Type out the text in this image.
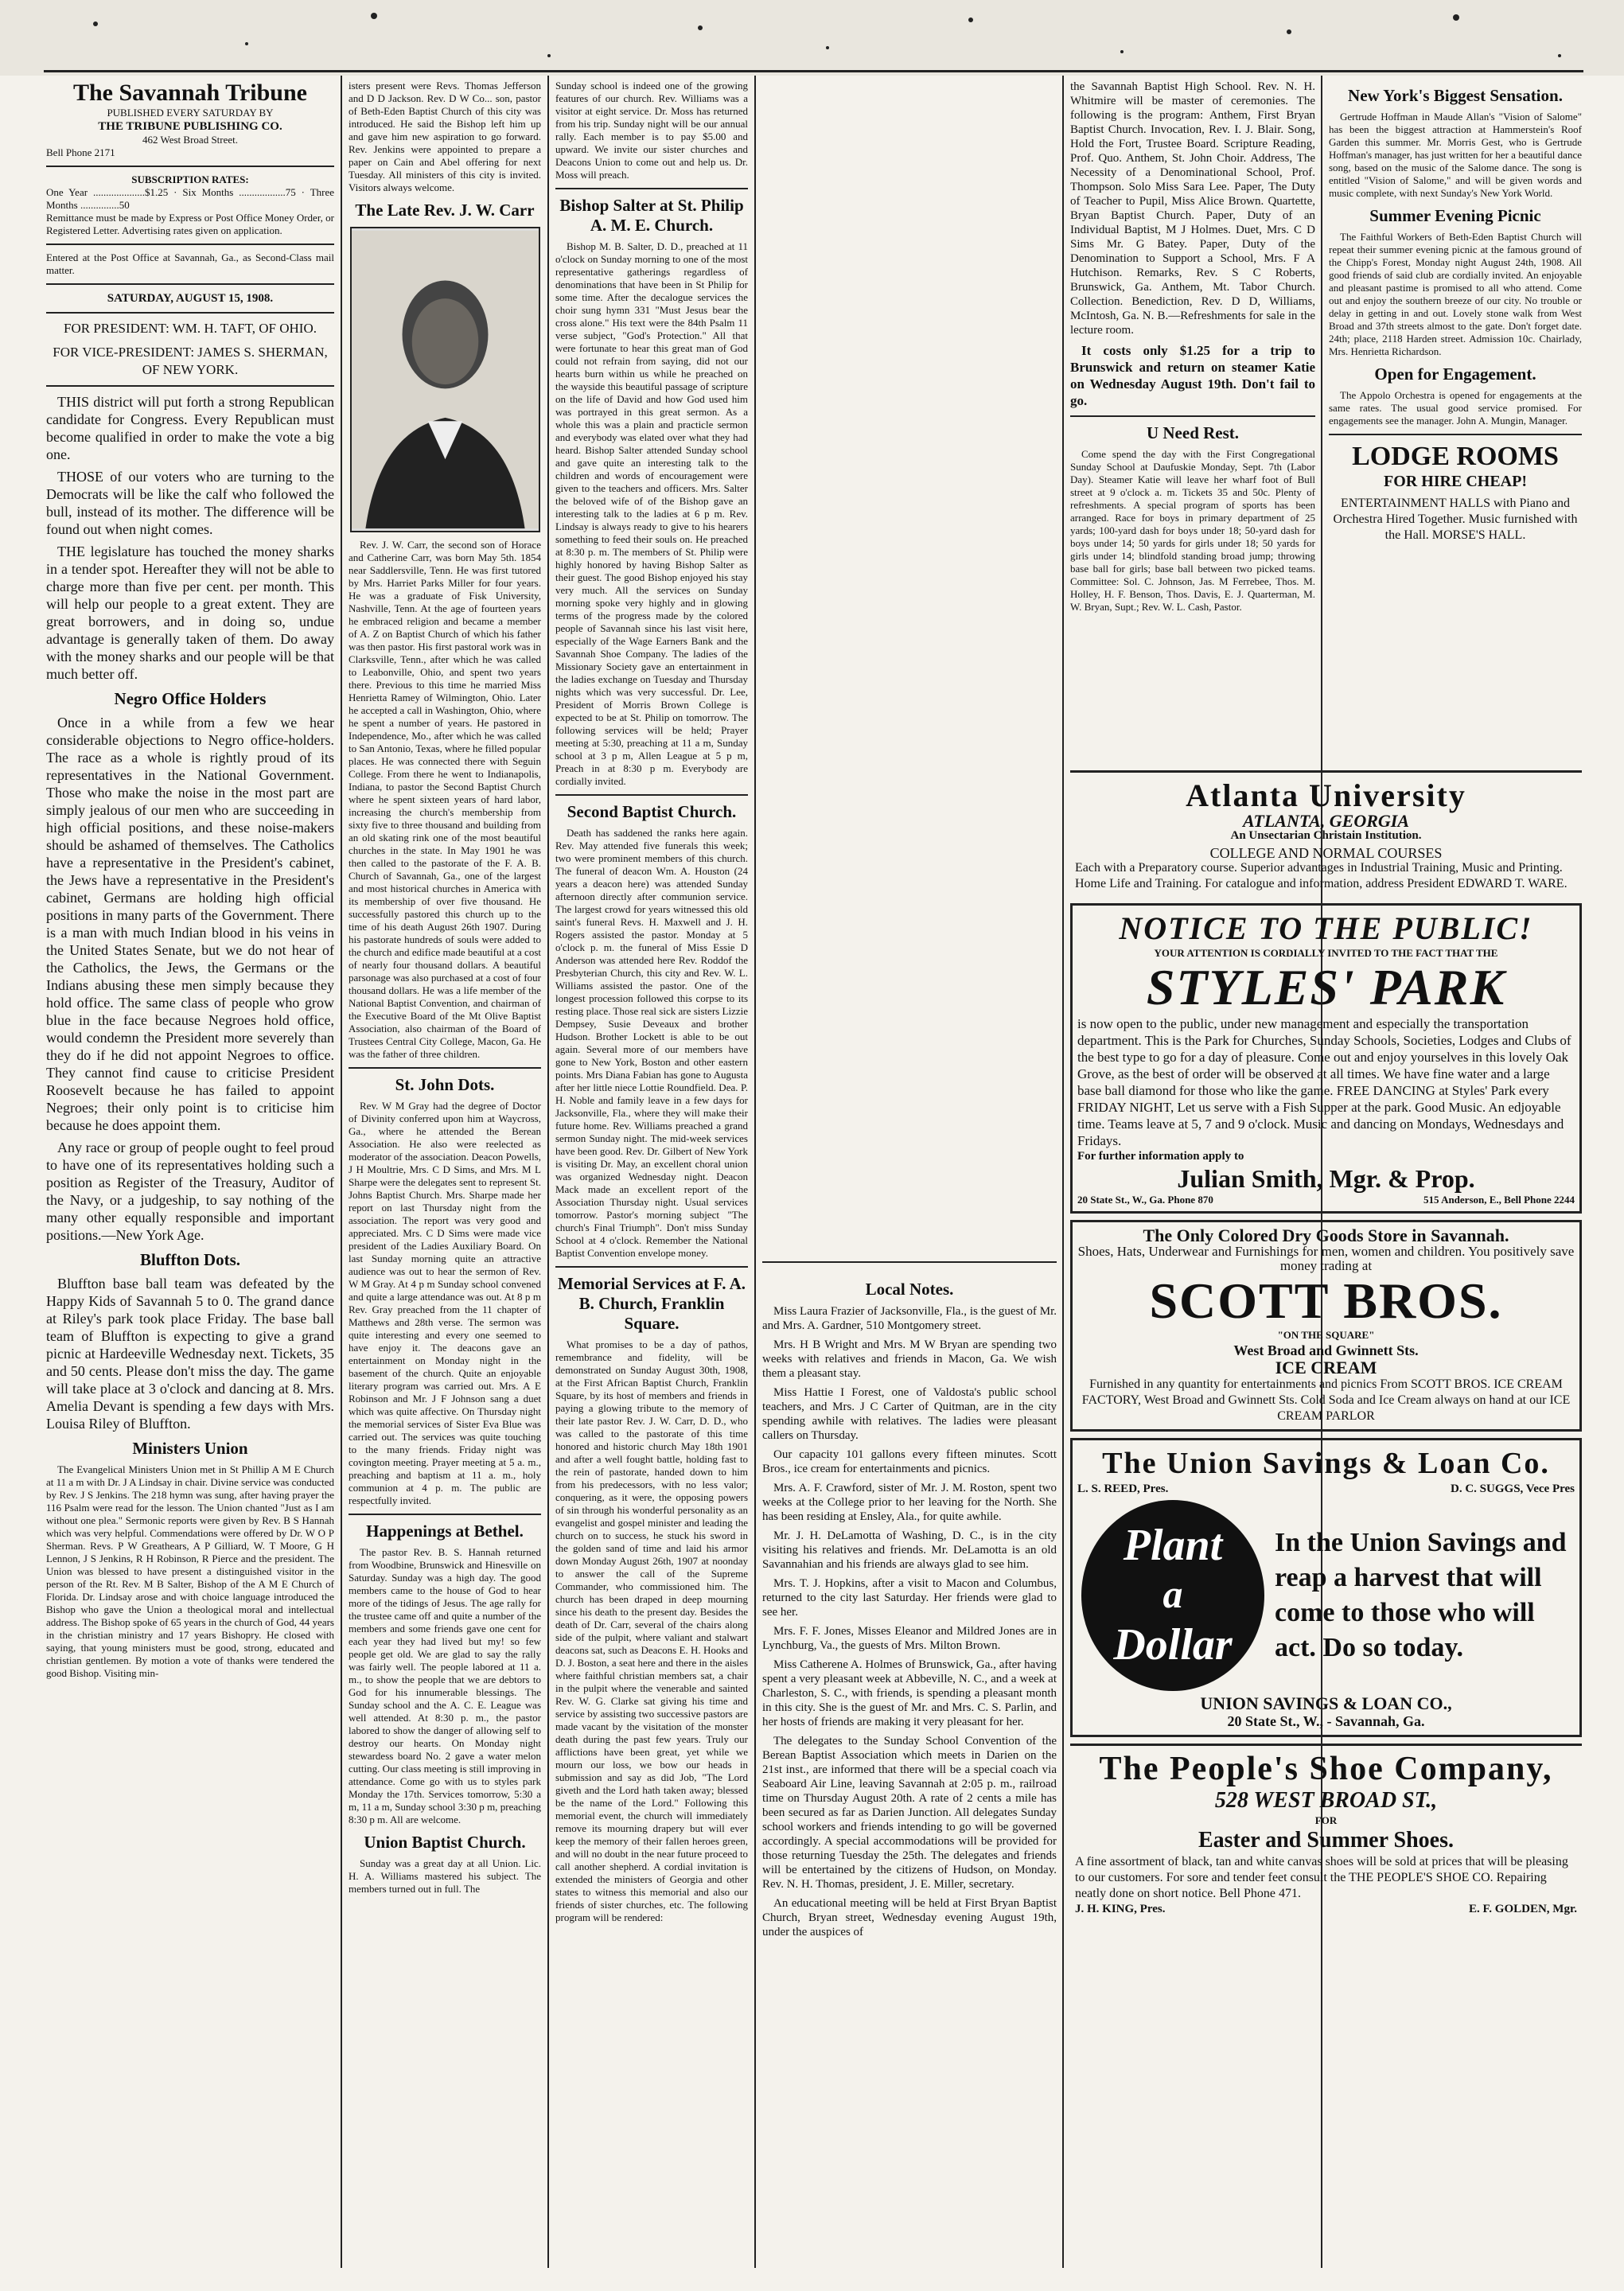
The Savannah Tribune
PUBLISHED EVERY SATURDAY BY
THE TRIBUNE PUBLISHING CO.
462 West Broad Street.
Bell Phone 2171
SUBSCRIPTION RATES:
One Year ....................$1.25 · Six Months ..................75 · Three Months ...............50
Remittance must be made by Express or Post Office Money Order, or Registered Letter. Advertising rates given on application.
Entered at the Post Office at Savannah, Ga., as Second-Class mail matter.
SATURDAY, AUGUST 15, 1908.
FOR PRESIDENT: WM. H. TAFT, OF OHIO.
FOR VICE-PRESIDENT: JAMES S. SHERMAN, OF NEW YORK.

THIS district will put forth a strong Republican candidate for Congress. Every Republican must become qualified in order to make the vote a big one.

THOSE of our voters who are turning to the Democrats will be like the calf who followed the bull, instead of its mother. The difference will be found out when night comes.

THE legislature has touched the money sharks in a tender spot. Hereafter they will not be able to charge more than five per cent. per month. This will help our people to a great extent. They are great borrowers, and in doing so, undue advantage is generally taken of them. Do away with the money sharks and our people will be that much better off.

Negro Office Holders

Once in a while from a few we hear considerable objections to Negro office-holders. The race as a whole is rightly proud of its representatives in the National Government. Those who make the noise in the most part are simply jealous of our men who are succeeding in high official positions, and these noise-makers should be ashamed of themselves. The Catholics have a representative in the President's cabinet, the Jews have a representative in the President's cabinet, Germans are holding high official positions in many parts of the Government. There is a man with much Indian blood in his veins in the United States Senate, but we do not hear of the Catholics, the Jews, the Germans or the Indians abusing these men simply because they hold office. The same class of people who grow blue in the face because Negroes hold office, would condemn the President more severely than they do if he did not appoint Negroes to office. They cannot find cause to criticise President Roosevelt because he has failed to appoint Negroes; their only point is to criticise him because he does appoint them.

Any race or group of people ought to feel proud to have one of its representatives holding such a position as Register of the Treasury, Auditor of the Navy, or a judgeship, to say nothing of the many other equally responsible and important positions.—New York Age.

Bluffton Dots.

Bluffton base ball team was defeated by the Happy Kids of Savannah 5 to 0. The grand dance at Riley's park took place Friday. The base ball team of Bluffton is expecting to give a grand picnic at Hardeeville Wednesday next. Tickets, 35 and 50 cents. Please don't miss the day. The game will take place at 3 o'clock and dancing at 8. Mrs. Amelia Devant is spending a few days with Mrs. Louisa Riley of Bluffton.

Ministers Union

The Evangelical Ministers Union met in St Phillip A M E Church at 11 a m with Dr. J A Lindsay in chair. Divine service was conducted by Rev. J S Jenkins. The 218 hymn was sung, after having prayer the 116 Psalm were read for the lesson. The Union chanted "Just as I am without one plea." Sermonic reports were given by Rev. B S Hannah which was very helpful. Commendations were offered by Dr. W O P Sherman. Revs. P W Greathears, A P Gilliard, W. T Moore, G H Lennon, J S Jenkins, R H Robinson, R Pierce and the president. The Union was blessed to have present a distinguished visitor in the person of the Rt. Rev. M B Salter, Bishop of the A M E Church of Florida. Dr. Lindsay arose and with choice language introduced the Bishop who gave the Union a theological moral and intellectual address. The Bishop spoke of 65 years in the church of God, 44 years in the christian ministry and 17 years Bishopry. He closed with saying, that young ministers must be good, strong, educated and christian gentlemen. By motion a vote of thanks were tendered the good Bishop. Visiting min-

isters present were Revs. Thomas Jefferson and D D Jackson. Rev. D W Co... son, pastor of Beth-Eden Baptist Church of this city was introduced. He said the Bishop left him up and gave him new aspiration to go forward. Rev. Jenkins were appointed to prepare a paper on Cain and Abel offering for next Tuesday. All ministers of this city is invited. Visitors always welcome.

The Late Rev. J. W. Carr

Rev. J. W. Carr, the second son of Horace and Catherine Carr, was born May 5th. 1854 near Saddlersville, Tenn. He was first tutored by Mrs. Harriet Parks Miller for four years. He was a graduate of Fisk University, Nashville, Tenn. At the age of fourteen years he embraced religion and became a member of A. Z on Baptist Church of which his father was then pastor. His first pastoral work was in Clarksville, Tenn., after which he was called to Leabonville, Ohio, and spent two years there. Previous to this time he married Miss Henrietta Ramey of Wilmington, Ohio. Later he accepted a call in Washington, Ohio, where he spent a number of years. He pastored in Independence, Mo., after which he was called to San Antonio, Texas, where he filled popular places. He was connected there with Seguin College. From there he went to Indianapolis, Indiana, to pastor the Second Baptist Church where he spent sixteen years of hard labor, increasing the church's membership from sixty five to three thousand and building from an old skating rink one of the most beautiful churches in the state. In May 1901 he was then called to the pastorate of the F. A. B. Church of Savannah, Ga., one of the largest and most historical churches in America with its membership of over five thousand. He successfully pastored this church up to the time of his death August 26th 1907. During his pastorate hundreds of souls were added to the church and edifice made beautiful at a cost of nearly four thousand dollars. A beautiful parsonage was also purchased at a cost of four thousand dollars. He was a life member of the National Baptist Convention, and chairman of the Executive Board of the Mt Olive Baptist Association, also chairman of the Board of Trustees Central City College, Macon, Ga. He was the father of three children.

St. John Dots.

Rev. W M Gray had the degree of Doctor of Divinity conferred upon him at Waycross, Ga., where he attended the Berean Association. He also were reelected as moderator of the association. Deacon Powells, J H Moultrie, Mrs. C D Sims, and Mrs. M L Sharpe were the delegates sent to represent St. Johns Baptist Church. Mrs. Sharpe made her report on last Thursday night from the association. The report was very good and appreciated. Mrs. C D Sims were made vice president of the Ladies Auxiliary Board. On last Sunday morning quite an attractive audience was out to hear the sermon of Rev. W M Gray. At 4 p m Sunday school convened and quite a large attendance was out. At 8 p m Rev. Gray preached from the 11 chapter of Matthews and 28th verse. The sermon was quite interesting and every one seemed to have enjoy it. The deacons gave an entertainment on Monday night in the basement of the church. Quite an enjoyable literary program was carried out. Mrs. A E Robinson and Mr. J F Johnson sang a duet which was quite affective. On Thursday night the memorial services of Sister Eva Blue was carried out. The services was quite touching to the many friends. Friday night was covington meeting. Prayer meeting at 5 a. m., preaching and baptism at 11 a. m., holy communion at 4 p. m. The public are respectfully invited.

Happenings at Bethel.

The pastor Rev. B. S. Hannah returned from Woodbine, Brunswick and Hinesville on Saturday. Sunday was a high day. The good members came to the house of God to hear more of the tidings of Jesus. The age rally for the trustee came off and quite a number of the members and some friends gave one cent for each year they had lived but my! so few people get old. We are glad to say the rally was fairly well. The people labored at 11 a. m., to show the people that we are debtors to God for his innumerable blessings. The Sunday school and the A. C. E. League was well attended. At 8:30 p. m., the pastor labored to show the danger of allowing self to destroy our hearts. On Monday night stewardess board No. 2 gave a water melon cutting. Our class meeting is still improving in attendance. Come go with us to styles park Monday the 17th. Services tomorrow, 5:30 a m, 11 a m, Sunday school 3:30 p m, preaching 8:30 p m. All are welcome.

Union Baptist Church.

Sunday was a great day at all Union. Lic. H. A. Williams mastered his subject. The members turned out in full. The

Sunday school is indeed one of the growing features of our church. Rev. Williams was a visitor at eight service. Dr. Moss has returned from his trip. Sunday night will be our annual rally. Each member is to pay $5.00 and upward. We invite our sister churches and Deacons Union to come out and help us. Dr. Moss will preach.

Bishop Salter at St. Philip A. M. E. Church.

Bishop M. B. Salter, D. D., preached at 11 o'clock on Sunday morning to one of the most representative gatherings regardless of denominations that have been in St Philip for some time. After the decalogue services the choir sung hymn 331 "Must Jesus bear the cross alone." His text were the 84th Psalm 11 verse subject, "God's Protection." All that were fortunate to hear this great man of God could not refrain from saying, did not our hearts burn within us while he preached on the wayside this beautiful passage of scripture on the life of David and how God used him was portrayed in this great sermon. As a whole this was a plain and practicle sermon and everybody was elated over what they had heard. Bishop Salter attended Sunday school and gave quite an interesting talk to the children and words of encouragement were given to the teachers and officers. Mrs. Salter the beloved wife of of the Bishop gave an interesting talk to the ladies at 6 p m. Rev. Lindsay is always ready to give to his hearers something to feed their souls on. He preached at 8:30 p. m. The members of St. Philip were highly honored by having Bishop Salter as their guest. The good Bishop enjoyed his stay very much. All the services on Sunday morning spoke very highly and in glowing terms of the progress made by the colored people of Savannah since his last visit here, especially of the Wage Earners Bank and the Savannah Shoe Company. The ladies of the Missionary Society gave an entertainment in the ladies exchange on Tuesday and Thursday nights which was very successful. Dr. Lee, President of Morris Brown College is expected to be at St. Philip on tomorrow. The following services will be held; Prayer meeting at 5:30, preaching at 11 a m, Sunday school at 3 p m, Allen League at 5 p m, Preach in at 8:30 p m. Everybody are cordially invited.

Second Baptist Church.

Death has saddened the ranks here again. Rev. May attended five funerals this week; two were prominent members of this church. The funeral of deacon Wm. A. Houston (24 years a deacon here) was attended Sunday afternoon directly after communion service. The largest crowd for years witnessed this old saint's funeral Revs. H. Maxwell and J. H. Rogers assisted the pastor. Monday at 5 o'clock p. m. the funeral of Miss Essie D Anderson was attended here Rev. Roddof the Presbyterian Church, this city and Rev. W. L. Williams assisted the pastor. One of the longest procession followed this corpse to its resting place. Those real sick are sisters Lizzie Dempsey, Susie Deveaux and brother Hudson. Brother Lockett is able to be out again. Several more of our members have gone to New York, Boston and other eastern points. Mrs Diana Fabian has gone to Augusta after her little niece Lottie Roundfield. Dea. P. H. Noble and family leave in a few days for Jacksonville, Fla., where they will make their future home. Rev. Williams preached a grand sermon Sunday night. The mid-week services have been good. Rev. Dr. Gilbert of New York is visiting Dr. May, an excellent choral union was organized Wednesday night. Deacon Mack made an excellent report of the Association Thursday night. Usual services tomorrow. Pastor's morning subject "The church's Final Triumph". Don't miss Sunday School at 4 o'clock. Remember the National Baptist Convention envelope money.

Memorial Services at F. A. B. Church, Franklin Square.

What promises to be a day of pathos, remembrance and fidelity, will be demonstrated on Sunday August 30th, 1908, at the First African Baptist Church, Franklin Square, by its host of members and friends in paying a glowing tribute to the memory of their late pastor Rev. J. W. Carr, D. D., who was called to the pastorate of this time honored and historic church May 18th 1901 and after a well fought battle, holding fast to the rein of pastorate, handed down to him from his predecessors, with no less valor; conquering, as it were, the opposing powers of sin through his wonderful personality as an evangelist and gospel minister and leading the church on to success, he stuck his sword in the golden sand of time and laid his armor down Monday August 26th, 1907 at noonday to answer the call of the Supreme Commander, who commissioned him. The church has been draped in deep mourning since his death to the present day. Besides the death of Dr. Carr, several of the chairs along side of the pulpit, where valiant and stalwart deacons sat, such as Deacons E. H. Hooks and D. J. Boston, a seat here and there in the aisles where faithful christian members sat, a chair in the pulpit where the venerable and sainted Rev. W. G. Clarke sat giving his time and service by assisting two successive pastors are made vacant by the visitation of the monster death during the past few years. Truly our afflictions have been great, yet while we mourn our loss, we bow our heads in submission and say as did Job, "The Lord giveth and the Lord hath taken away; blessed be the name of the Lord." Following this memorial event, the church will immediately remove its mourning drapery but will ever keep the memory of their fallen heroes green, and will no doubt in the near future proceed to call another shepherd. A cordial invitation is extended the ministers of Georgia and other states to witness this memorial and also our friends of sister churches, etc. The following program will be rendered:

Local Notes.

Miss Laura Frazier of Jacksonville, Fla., is the guest of Mr. and Mrs. A. Gardner, 510 Montgomery street.

Mrs. H B Wright and Mrs. M W Bryan are spending two weeks with relatives and friends in Macon, Ga. We wish them a pleasant stay.

Miss Hattie I Forest, one of Valdosta's public school teachers, and Mrs. J C Carter of Quitman, are in the city spending awhile with relatives. The ladies were pleasant callers on Thursday.

Our capacity 101 gallons every fifteen minutes. Scott Bros., ice cream for entertainments and picnics.

Mrs. A. F. Crawford, sister of Mr. J. M. Roston, spent two weeks at the College prior to her leaving for the North. She has been residing at Ensley, Ala., for quite awhile.

Mr. J. H. DeLamotta of Washing, D. C., is in the city visiting his relatives and friends. Mr. DeLamotta is an old Savannahian and his friends are always glad to see him.

Mrs. T. J. Hopkins, after a visit to Macon and Columbus, returned to the city last Saturday. Her friends were glad to see her.

Mrs. F. F. Jones, Misses Eleanor and Mildred Jones are in Lynchburg, Va., the guests of Mrs. Milton Brown.

Miss Catherene A. Holmes of Brunswick, Ga., after having spent a very pleasant week at Abbeville, N. C., and a week at Charleston, S. C., with friends, is spending a pleasant month in this city. She is the guest of Mr. and Mrs. C. S. Parlin, and her hosts of friends are making it very pleasant for her.

The delegates to the Sunday School Convention of the Berean Baptist Association which meets in Darien on the 21st inst., are informed that there will be a special coach via Seaboard Air Line, leaving Savannah at 2:05 p. m., railroad time on Thursday August 20th. A rate of 2 cents a mile has been secured as far as Darien Junction. All delegates Sunday school workers and friends intending to go will be governed accordingly. A special accommodations will be provided for those returning Tuesday the 25th. The delegates and friends will be entertained by the citizens of Hudson, on Monday. Rev. N. H. Thomas, president, J. E. Miller, secretary.

An educational meeting will be held at First Bryan Baptist Church, Bryan street, Wednesday evening August 19th, under the auspices of

the Savannah Baptist High School. Rev. N. H. Whitmire will be master of ceremonies. The following is the program: Anthem, First Bryan Baptist Church. Invocation, Rev. I. J. Blair. Song, Hold the Fort, Trustee Board. Scripture Reading, Prof. Quo. Anthem, St. John Choir. Address, The Necessity of a Denominational School, Prof. Thompson. Solo Miss Sara Lee. Paper, The Duty of Teacher to Pupil, Miss Alice Brown. Quartette, Bryan Baptist Church. Paper, Duty of an Individual Baptist, M J Holmes. Duet, Mrs. C D Sims Mr. G Batey. Paper, Duty of the Denomination to Support a School, Mrs. F A Hutchison. Remarks, Rev. S C Roberts, Brunswick, Ga. Anthem, Mt. Tabor Church. Collection. Benediction, Rev. D D, Williams, McIntosh, Ga. N. B.—Refreshments for sale in the lecture room.

It costs only $1.25 for a trip to Brunswick and return on steamer Katie on Wednesday August 19th. Don't fail to go.

U Need Rest.

Come spend the day with the First Congregational Sunday School at Daufuskie Monday, Sept. 7th (Labor Day). Steamer Katie will leave her wharf foot of Bull street at 9 o'clock a. m. Tickets 35 and 50c. Plenty of refreshments. A special program of sports has been arranged. Race for boys in primary department of 25 yards; 100-yard dash for boys under 18; 50-yard dash for boys under 14; 50 yards for girls under 18; 50 yards for girls under 14; blindfold standing broad jump; throwing base ball for girls; base ball between two picked teams. Committee: Sol. C. Johnson, Jas. M Ferrebee, Thos. M. Holley, H. F. Benson, Thos. Davis, E. J. Quarterman, M. W. Bryan, Supt.; Rev. W. L. Cash, Pastor.

New York's Biggest Sensation.

Gertrude Hoffman in Maude Allan's "Vision of Salome" has been the biggest attraction at Hammerstein's Roof Garden this summer. Mr. Morris Gest, who is Gertrude Hoffman's manager, has just written for her a beautiful dance song, based on the music of the Salome dance. The song is entitled "Vision of Salome," and will be given words and music complete, with next Sunday's New York World.

Summer Evening Picnic

The Faithful Workers of Beth-Eden Baptist Church will repeat their summer evening picnic at the famous ground of the Chipp's Forest, Monday night August 24th, 1908. All good friends of said club are cordially invited. An enjoyable and pleasant pastime is promised to all who attend. Come out and enjoy the southern breeze of our city. No trouble or delay in getting in and out. Lovely stone walk from West Broad and 37th streets almost to the gate. Don't forget date. 24th; place, 2118 Harden street. Admission 10c. Chairlady, Mrs. Henrietta Richardson.

Open for Engagement.

The Appolo Orchestra is opened for engagements at the same rates. The usual good service promised. For engagements see the manager. John A. Mungin, Manager.

LODGE ROOMS
FOR HIRE CHEAP!
ENTERTAINMENT HALLS with Piano and Orchestra Hired Together. Music furnished with the Hall. MORSE'S HALL.
Atlanta University
ATLANTA, GEORGIA
An Unsectarian Christain Institution.
COLLEGE AND NORMAL COURSES
Each with a Preparatory course. Superior advantages in Industrial Training, Music and Printing. Home Life and Training. For catalogue and information, address President EDWARD T. WARE.
NOTICE TO THE PUBLIC!
YOUR ATTENTION IS CORDIALLY INVITED TO THE FACT THAT THE
STYLES' PARK
is now open to the public, under new management and especially the transportation department. This is the Park for Churches, Sunday Schools, Societies, Lodges and Clubs of the best type to go for a day of pleasure. Come out and enjoy yourselves in this lovely Oak Grove, as the best of order will be observed at all times. We have fine water and a large base ball diamond for those who like the game. FREE DANCING at Styles' Park every FRIDAY NIGHT, Let us serve with a Fish Supper at the park. Good Music. An edjoyable time. Teams leave at 5, 7 and 9 o'clock. Music and dancing on Mondays, Wednesdays and Fridays.
For further information apply to
Julian Smith, Mgr. & Prop.
20 State St., W., Ga. Phone 870	515 Anderson, E., Bell Phone 2244
The Only Colored Dry Goods Store in Savannah.
Shoes, Hats, Underwear and Furnishings for men, women and children. You positively save money trading at
SCOTT BROS.
"ON THE SQUARE"
West Broad and Gwinnett Sts.
ICE CREAM
Furnished in any quantity for entertainments and picnics From SCOTT BROS. ICE CREAM FACTORY, West Broad and Gwinnett Sts. Cold Soda and Ice Cream always on hand at our ICE CREAM PARLOR
The Union Savings & Loan Co.
L. S. REED, Pres.	D. C. SUGGS, Vece Pres
Plant
a
Dollar
In the Union Savings and reap a harvest that will come to those who will act. Do so today.
UNION SAVINGS & LOAN CO.,
20 State St., W., - Savannah, Ga.
The People's Shoe Company,
528 WEST BROAD ST.,
FOR
Easter and Summer Shoes.
A fine assortment of black, tan and white canvas shoes will be sold at prices that will be pleasing to our customers. For sore and tender feet consult the THE PEOPLE'S SHOE CO. Repairing neatly done on short notice. Bell Phone 471.
J. H. KING, Pres.	E. F. GOLDEN, Mgr.
